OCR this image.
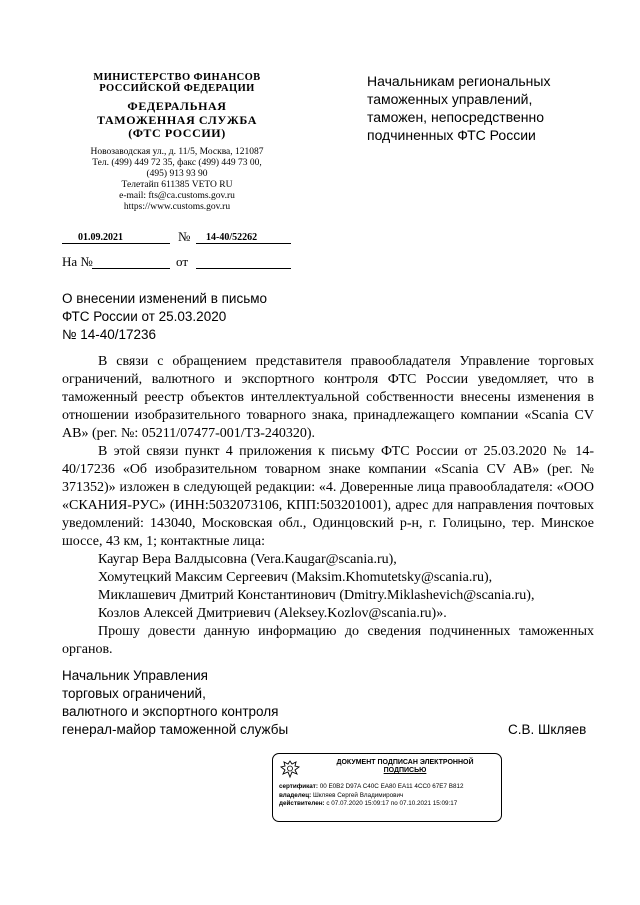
МИНИСТЕРСТВО ФИНАНСОВ
РОССИЙСКОЙ ФЕДЕРАЦИИ
ФЕДЕРАЛЬНАЯ
ТАМОЖЕННАЯ СЛУЖБА
(ФТС РОССИИ)
Новозаводская ул., д. 11/5, Москва, 121087
Тел. (499) 449 72 35, факс (499) 449 73 00,
(495) 913 93 90
Телетайп 611385 VETO RU
e-mail: fts@ca.customs.gov.ru
https://www.customs.gov.ru
01.09.2021	№ 14-40/52262
На №	от
Начальникам региональных
таможенных управлений,
таможен, непосредственно
подчиненных ФТС России
О внесении изменений в письмо
ФТС России от 25.03.2020
№ 14-40/17236

В связи с обращением представителя правообладателя Управление торговых ограничений, валютного и экспортного контроля ФТС России уведомляет, что в таможенный реестр объектов интеллектуальной собственности внесены изменения в отношении изобразительного товарного знака, принадлежащего компании «Scania CV AB» (рег. №: 05211/07477-001/ТЗ-240320).

В этой связи пункт 4 приложения к письму ФТС России от 25.03.2020 № 14-40/17236 «Об изобразительном товарном знаке компании «Scania CV AB» (рег. № 371352)» изложен в следующей редакции: «4. Доверенные лица правообладателя: «ООО «СКАНИЯ-РУС» (ИНН:5032073106, КПП:503201001), адрес для направления почтовых уведомлений: 143040, Московская обл., Одинцовский р-н, г. Голицыно, тер. Минское шоссе, 43 км, 1; контактные лица:

Каугар Вера Валдысовна (Vera.Kaugar@scania.ru),

Хомутецкий Максим Сергеевич (Maksim.Khomutetsky@scania.ru),

Миклашевич Дмитрий Константинович (Dmitry.Miklashevich@scania.ru),

Козлов Алексей Дмитриевич (Aleksey.Kozlov@scania.ru)».

Прошу довести данную информацию до сведения подчиненных таможенных органов.

Начальник Управления
торговых ограничений,
валютного и экспортного контроля
генерал-майор таможенной службы	С.В. Шкляев
ДОКУМЕНТ ПОДПИСАН ЭЛЕКТРОННОЙ
ПОДПИСЬЮ
сертификат: 00 E0B2 D97A C40C EA80 EA11 4CC0 67E7 B812
владелец: Шкляев Сергей Владимирович
действителен: с 07.07.2020 15:09:17 по 07.10.2021 15:09:17
